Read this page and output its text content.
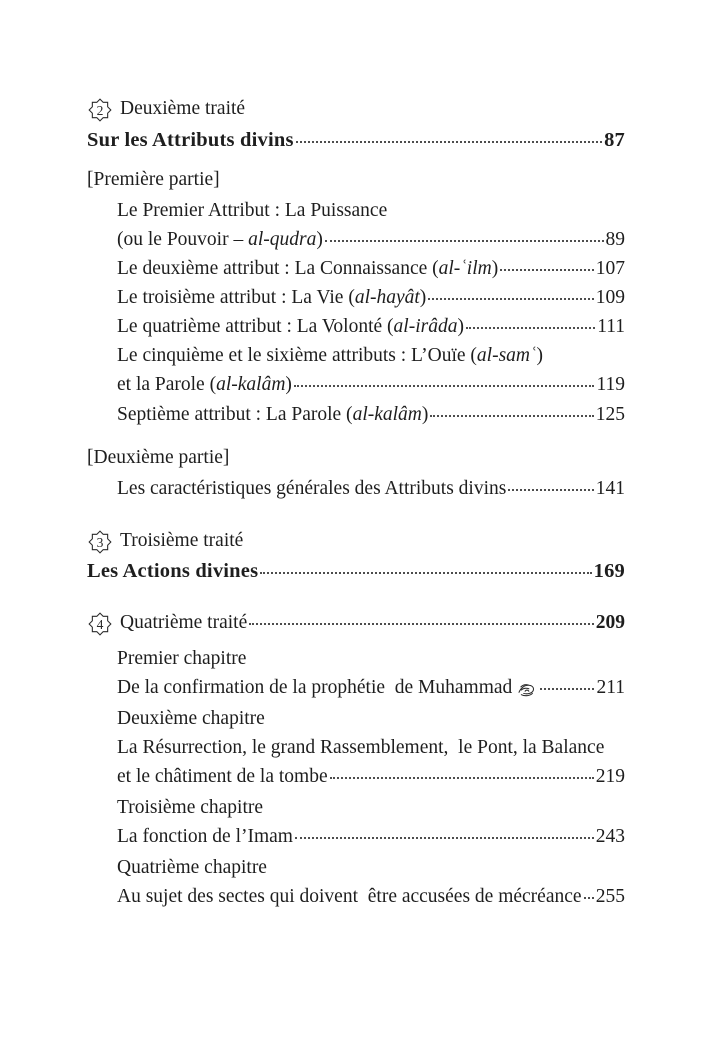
2 Deuxième traité
Sur les Attributs divins	87
[Première partie]
Le Premier Attribut : La Puissance
(ou le Pouvoir – al-qudra )	89
Le deuxième attribut : La Connaissance ( al-ʿilm )	107
Le troisième attribut : La Vie ( al-hayât )	109
Le quatrième attribut : La Volonté ( al-irâda )	111
Le cinquième et le sixième attributs : L’Ouïe ( al-samʿ )
et la Parole ( al-kalâm )	119
Septième attribut : La Parole ( al-kalâm )	125
[Deuxième partie]
Les caractéristiques générales des Attributs divins	141
3 Troisième traité
Les Actions divines	169
4 Quatrième traité	209
Premier chapitre
De la confirmation de la prophétie  de Muhammad	211
Deuxième chapitre
La Résurrection, le grand Rassemblement,  le Pont, la Balance
et le châtiment de la tombe	219
Troisième chapitre
La fonction de l’Imam	243
Quatrième chapitre
Au sujet des sectes qui doivent  être accusées de mécréance 255
